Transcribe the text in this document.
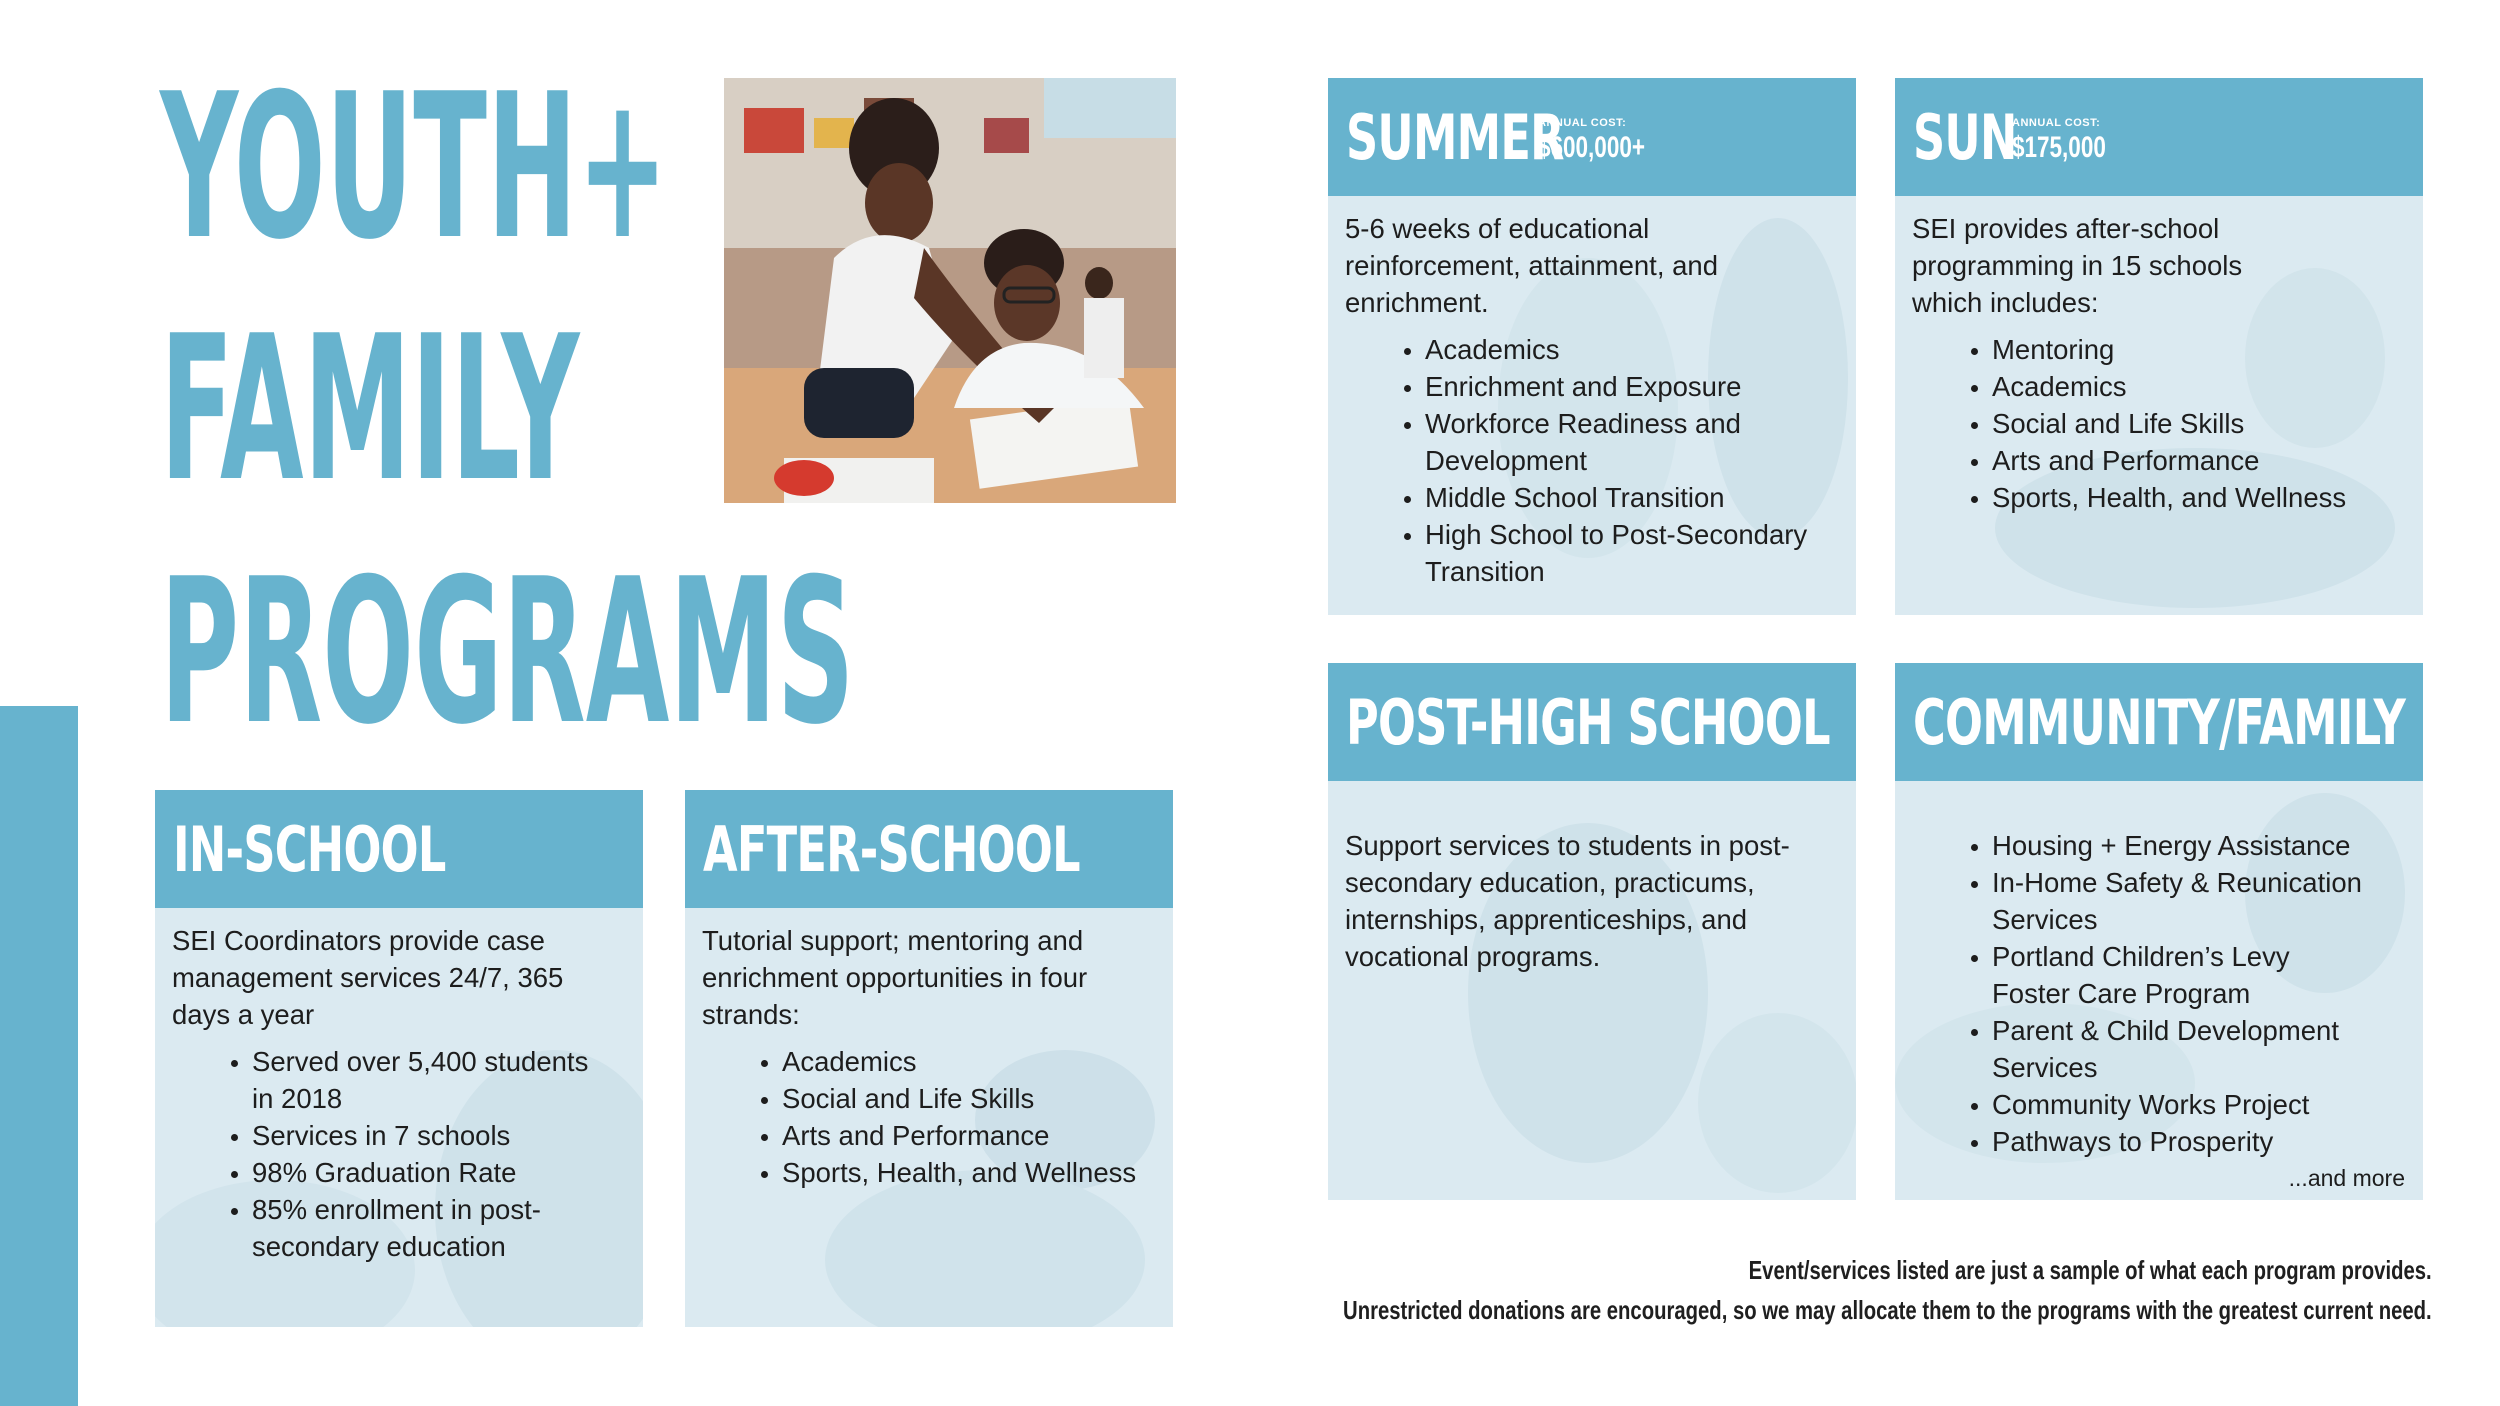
YOUTH+
FAMILY
PROGRAMS
IN-SCHOOL

SEI Coordinators provide case management services 24/7, 365 days a year

• Served over 5,400 students in 2018
• Services in 7 schools
• 98% Graduation Rate
• 85% enrollment in post-secondary education
AFTER-SCHOOL

Tutorial support; mentoring and enrichment opportunities in four strands:

• Academics
• Social and Life Skills
• Arts and Performance
• Sports, Health, and Wellness
SUMMER
ANNUAL COST:
$600,000+

5-6 weeks of educational reinforcement, attainment, and enrichment.

• Academics
• Enrichment and Exposure
• Workforce Readiness and Development
• Middle School Transition
• High School to Post-Secondary Transition
SUN
ANNUAL COST:
$175,000

SEI provides after-school programming in 15 schools which includes:

• Mentoring
• Academics
• Social and Life Skills
• Arts and Performance
• Sports, Health, and Wellness
POST-HIGH SCHOOL

Support services to students in post-secondary education, practicums, internships, apprenticeships, and vocational programs.

COMMUNITY/FAMILY
• Housing + Energy Assistance
• In-Home Safety & Reunication Services
• Portland Children’s Levy Foster Care Program
• Parent & Child Development Services
• Community Works Project
• Pathways to Prosperity
...and more
Event/services listed are just a sample of what each program provides.
Unrestricted donations are encouraged, so we may allocate them to the programs with the greatest current need.
